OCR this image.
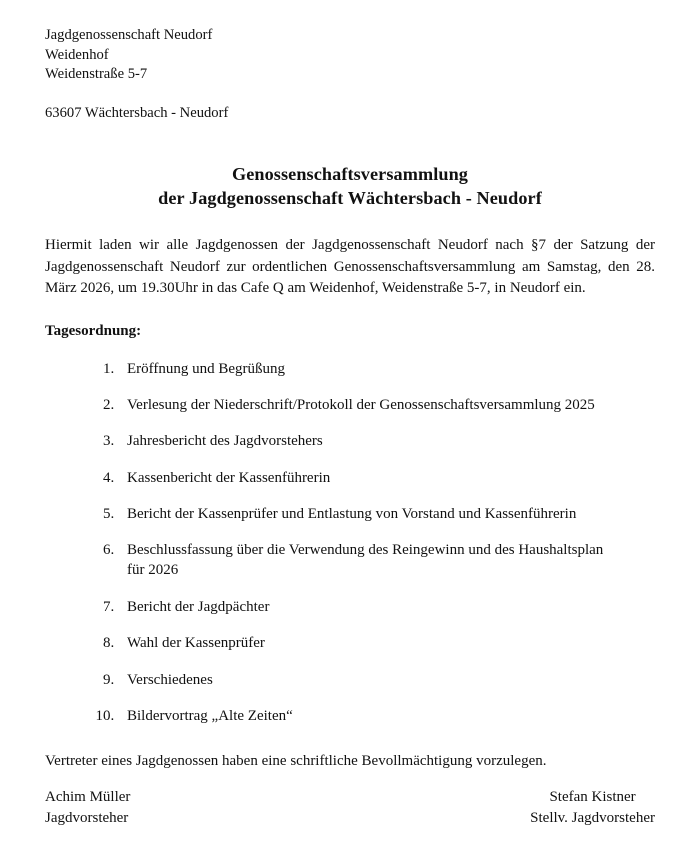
Jagdgenossenschaft Neudorf
Weidenhof
Weidenstraße 5-7
63607 Wächtersbach - Neudorf
Genossenschaftsversammlung
der Jagdgenossenschaft Wächtersbach - Neudorf

Hiermit laden wir alle Jagdgenossen der Jagdgenossenschaft Neudorf nach §7 der Satzung der Jagdgenossenschaft Neudorf zur ordentlichen Genossenschaftsversammlung am Samstag, den 28. März 2026, um 19.30Uhr in das Cafe Q am Weidenhof, Weidenstraße 5-7, in Neudorf ein.

Tagesordnung:

1. Eröffnung und Begrüßung
2. Verlesung der Niederschrift/Protokoll der Genossenschaftsversammlung 2025
3. Jahresbericht des Jagdvorstehers
4. Kassenbericht der Kassenführerin
5. Bericht der Kassenprüfer und Entlastung von Vorstand und Kassenführerin
6. Beschlussfassung über die Verwendung des Reingewinn und des Haushaltsplan
für 2026
7. Bericht der Jagdpächter
8. Wahl der Kassenprüfer
9. Verschiedenes
10. Bildervortrag „Alte Zeiten“

Vertreter eines Jagdgenossen haben eine schriftliche Bevollmächtigung vorzulegen.

Achim Müller
Jagdvorsteher
Stefan Kistner
Stellv. Jagdvorsteher
